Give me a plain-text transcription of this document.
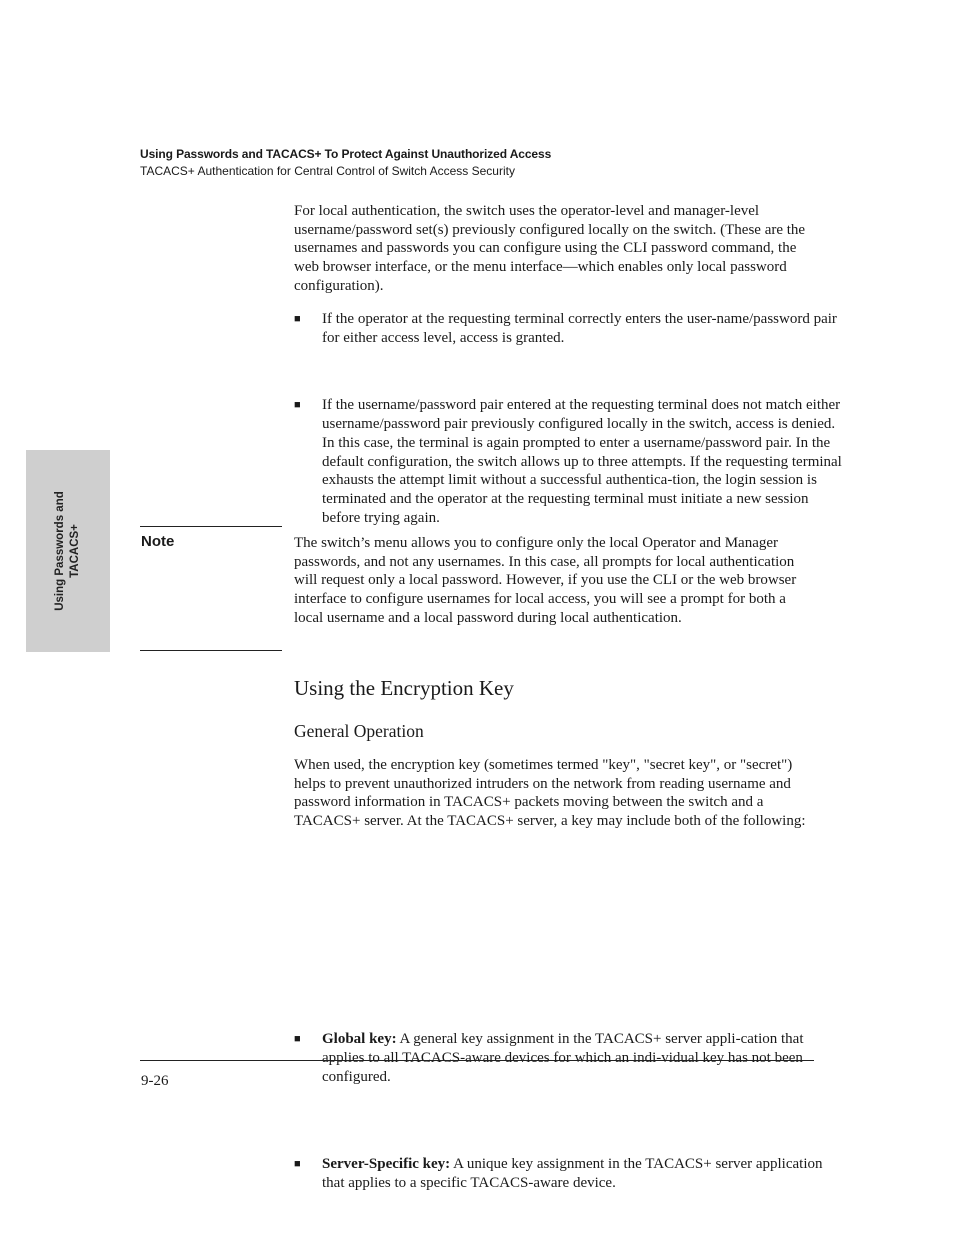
Using Passwords and TACACS+ To Protect Against Unauthorized Access
TACACS+ Authentication for Central Control of Switch Access Security
Using Passwords and TACACS+

For local authentication, the switch uses the operator-level and manager-level username/password set(s) previously configured locally on the switch. (These are the usernames and passwords you can configure using the CLI password command, the web browser interface, or the menu interface—which enables only local password configuration).

■ If the operator at the requesting terminal correctly enters the user-name/password pair for either access level, access is granted.
■ If the username/password pair entered at the requesting terminal does not match either username/password pair previously configured locally in the switch, access is denied. In this case, the terminal is again prompted to enter a username/password pair. In the default configuration, the switch allows up to three attempts. If the requesting terminal exhausts the attempt limit without a successful authentica-tion, the login session is terminated and the operator at the requesting terminal must initiate a new session before trying again.
Note	The switch’s menu allows you to configure only the local Operator and Manager passwords, and not any usernames. In this case, all prompts for local authentication will request only a local password. However, if you use the CLI or the web browser interface to configure usernames for local access, you will see a prompt for both a local username and a local password during local authentication.

Using the Encryption Key
General Operation

When used, the encryption key (sometimes termed "key", "secret key", or "secret") helps to prevent unauthorized intruders on the network from reading username and password information in TACACS+ packets moving between the switch and a TACACS+ server. At the TACACS+ server, a key may include both of the following:

■ Global key: A general key assignment in the TACACS+ server appli-cation that applies to all TACACS-aware devices for which an indi-vidual key has not been configured.
■ Server-Specific key: A unique key assignment in the TACACS+ server application that applies to a specific TACACS-aware device.
9-26
